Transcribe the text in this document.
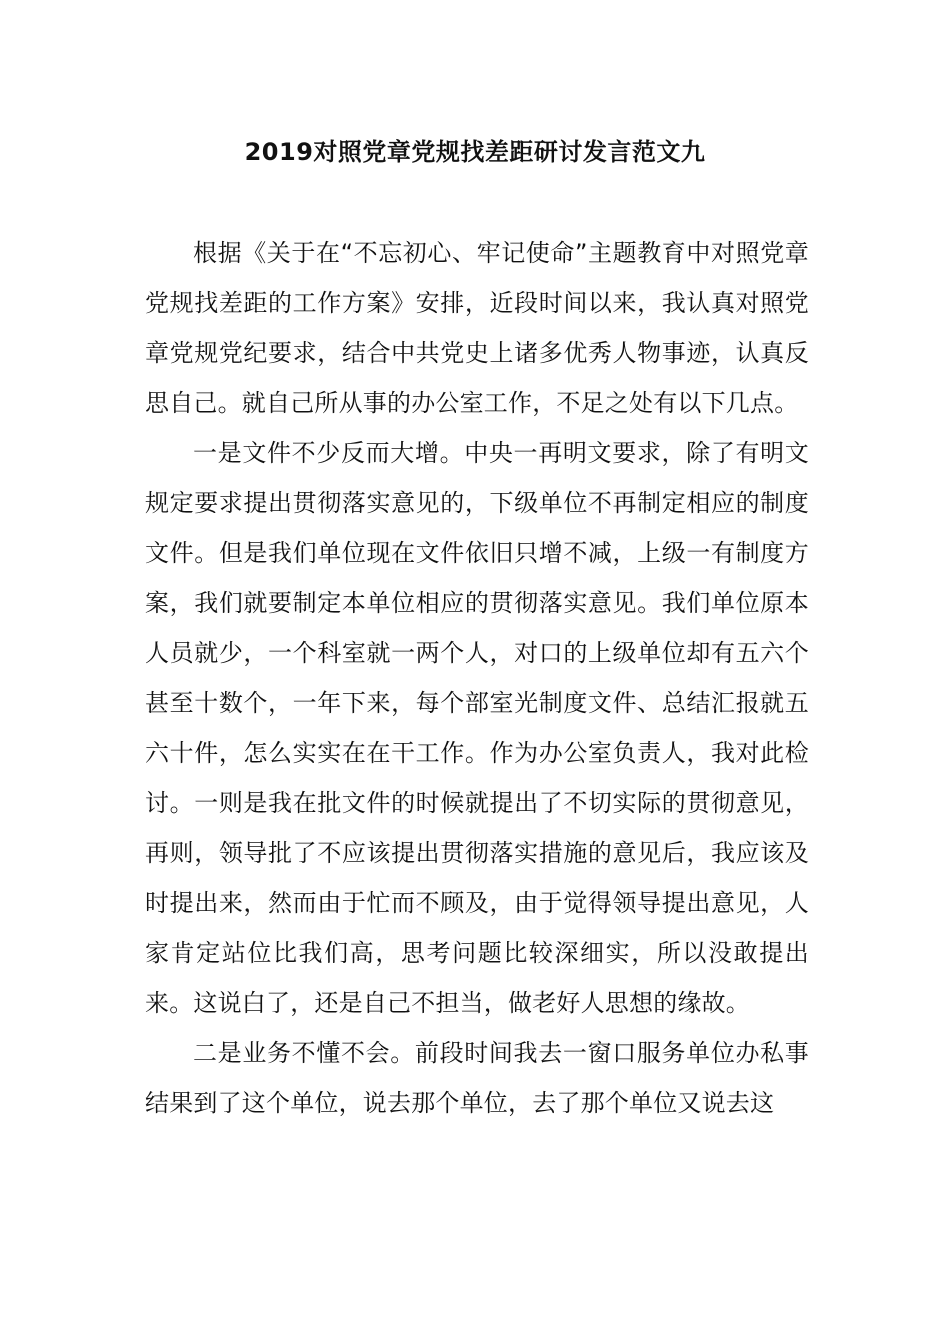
2019对照党章党规找差距研讨发言范文九

根据《关于在“不忘初心、牢记使命”主题教育中对照党章党规找差距的工作方案》安排，近段时间以来，我认真对照党章党规党纪要求，结合中共党史上诸多优秀人物事迹，认真反思自己。就自己所从事的办公室工作，不足之处有以下几点。

一是文件不少反而大增。中央一再明文要求，除了有明文规定要求提出贯彻落实意见的，下级单位不再制定相应的制度文件。但是我们单位现在文件依旧只增不减，上级一有制度方案，我们就要制定本单位相应的贯彻落实意见。我们单位原本人员就少，一个科室就一两个人，对口的上级单位却有五六个甚至十数个，一年下来，每个部室光制度文件、总结汇报就五六十件，怎么实实在在干工作。作为办公室负责人，我对此检讨。一则是我在批文件的时候就提出了不切实际的贯彻意见，再则，领导批了不应该提出贯彻落实措施的意见后，我应该及时提出来，然而由于忙而不顾及，由于觉得领导提出意见，人家肯定站位比我们高，思考问题比较深细实，所以没敢提出来。这说白了，还是自己不担当，做老好人思想的缘故。

二是业务不懂不会。前段时间我去一窗口服务单位办私事结果到了这个单位，说去那个单位，去了那个单位又说去这
